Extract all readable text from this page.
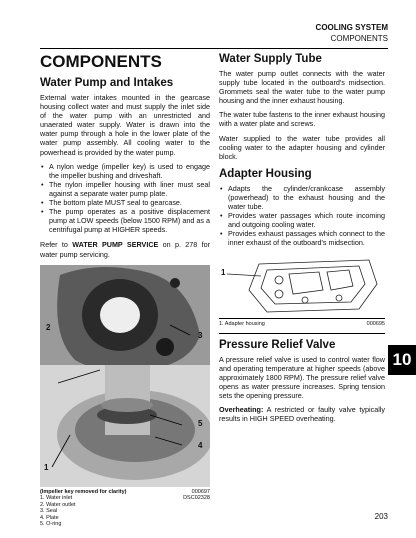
COOLING SYSTEM
COMPONENTS
COMPONENTS
Water Pump and Intakes

External water intakes mounted in the gearcase housing collect water and must supply the inlet side of the water pump with an unrestricted and unaerated water supply. Water is drawn into the water pump through a hole in the lower plate of the water pump assembly. All cooling water to the powerhead is provided by the water pump.

• A nylon wedge (impeller key) is used to engage the impeller bushing and driveshaft.
• The nylon impeller housing with liner must seal against a separate water pump plate.
• The bottom plate MUST seal to gearcase.
• The pump operates as a positive displacement pump at LOW speeds (below 1500 RPM) and as a centrifugal pump at HIGHER speeds.

Refer to WATER PUMP SERVICE on p. 278 for water pump servicing.

2
3
5
4
1
(Impeller key removed for clarity)
1. Water inlet
2. Water outlet
3. Seal
4. Plate
5. O-ring
000697
DSC02328
Water Supply Tube

The water pump outlet connects with the water supply tube located in the outboard's midsection. Grommets seal the water tube to the water pump housing and the inner exhaust housing.

The water tube fastens to the inner exhaust housing with a water plate and screws.

Water supplied to the water tube provides all cooling water to the adapter housing and cylinder block.

Adapter Housing
• Adapts the cylinder/crankcase assembly (powerhead) to the exhaust housing and the water tube.
• Provides water passages which route incoming and outgoing cooling water.
• Provides exhaust passages which connect to the inner exhaust of the outboard's midsection.
1
1. Adapter housing	000695
Pressure Relief Valve

A pressure relief valve is used to control water flow and operating temperature at higher speeds (above approximately 1800 RPM). The pressure relief valve opens as water pressure increases. Spring tension sets the opening pressure.

Overheating: A restricted or faulty valve typically results in HIGH SPEED overheating.

10
203
